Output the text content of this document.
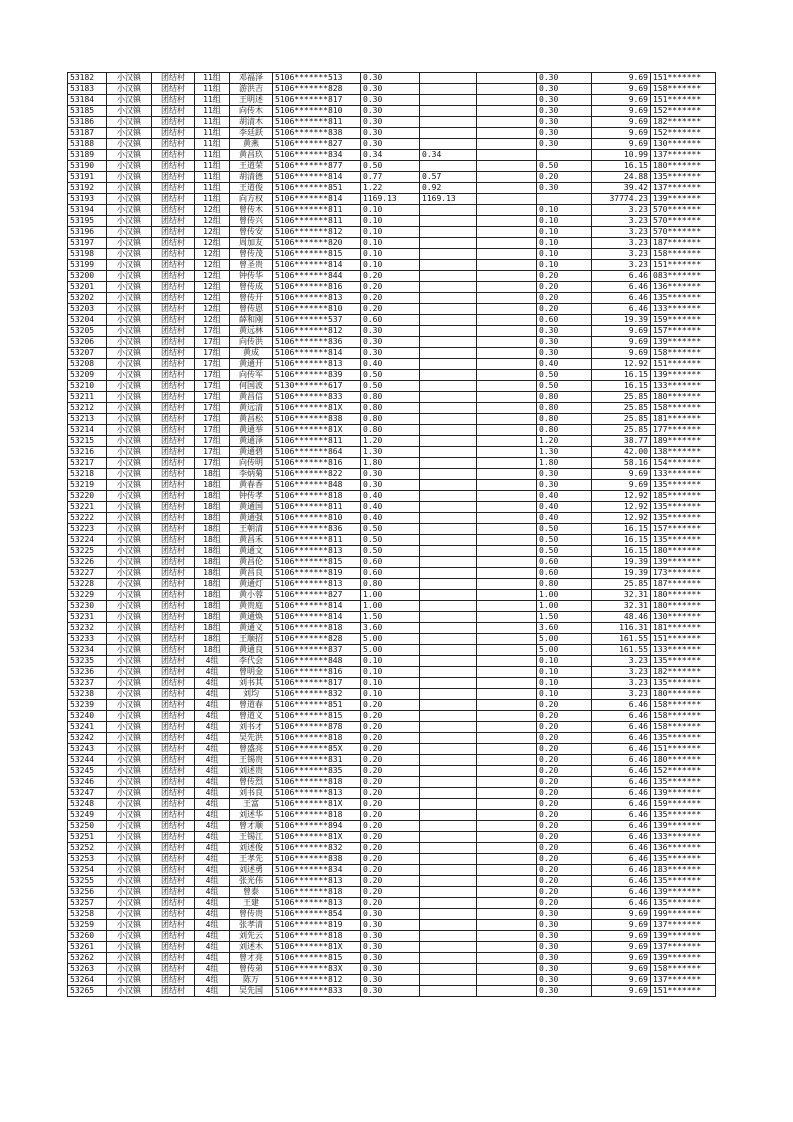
53182	小汉镇	团结村	11组	邓福泽	5106*******513	0.30			0.30	9.69	151*******
53183	小汉镇	团结村	11组	游洪吉	5106*******828	0.30			0.30	9.69	158*******
53184	小汉镇	团结村	11组	王明述	5106*******817	0.30			0.30	9.69	151*******
53185	小汉镇	团结村	11组	向传木	5106*******810	0.30			0.30	9.69	152*******
53186	小汉镇	团结村	11组	胡清木	5106*******811	0.30			0.30	9.69	182*******
53187	小汉镇	团结村	11组	李廷跃	5106*******838	0.30			0.30	9.69	152*******
53188	小汉镇	团结村	11组	黄燕	5106*******827	0.30			0.30	9.69	130*******
53189	小汉镇	团结村	11组	黄昌玖	5106*******834	0.34	0.34			10.99	137*******
53190	小汉镇	团结村	11组	王道荣	5106*******877	0.50			0.50	16.15	180*******
53191	小汉镇	团结村	11组	胡清德	5106*******814	0.77	0.57		0.20	24.88	135*******
53192	小汉镇	团结村	11组	王道俊	5106*******851	1.22	0.92		0.30	39.42	137*******
53193	小汉镇	团结村	11组	向方权	5106*******814	1169.13	1169.13			37774.23	139*******
53194	小汉镇	团结村	12组	曾传木	5106*******811	0.10			0.10	3.23	570*******
53195	小汉镇	团结村	12组	曾传兴	5106*******811	0.10			0.10	3.23	570*******
53196	小汉镇	团结村	12组	曾传安	5106*******812	0.10			0.10	3.23	570*******
53197	小汉镇	团结村	12组	周加友	5106*******820	0.10			0.10	3.23	187*******
53198	小汉镇	团结村	12组	曾传茂	5106*******815	0.10			0.10	3.23	158*******
53199	小汉镇	团结村	12组	曾圣贵	5106*******814	0.10			0.10	3.23	151*******
53200	小汉镇	团结村	12组	钟传华	5106*******844	0.20			0.20	6.46	083*******
53201	小汉镇	团结村	12组	曾传成	5106*******816	0.20			0.20	6.46	136*******
53202	小汉镇	团结村	12组	曾传开	5106*******813	0.20			0.20	6.46	135*******
53203	小汉镇	团结村	12组	曾传恩	5106*******810	0.20			0.20	6.46	133*******
53204	小汉镇	团结村	12组	薛和刚	5106*******537	0.60			0.60	19.39	159*******
53205	小汉镇	团结村	17组	黄远林	5106*******812	0.30			0.30	9.69	157*******
53206	小汉镇	团结村	17组	向传洪	5106*******836	0.30			0.30	9.69	139*******
53207	小汉镇	团结村	17组	黄成	5106*******814	0.30			0.30	9.69	158*******
53208	小汉镇	团结村	17组	黄通开	5106*******813	0.40			0.40	12.92	151*******
53209	小汉镇	团结村	17组	向传军	5106*******839	0.50			0.50	16.15	139*******
53210	小汉镇	团结村	17组	何国波	5130*******617	0.50			0.50	16.15	133*******
53211	小汉镇	团结村	17组	黄昌信	5106*******833	0.80			0.80	25.85	180*******
53212	小汉镇	团结村	17组	黄远清	5106*******81X	0.80			0.80	25.85	158*******
53213	小汉镇	团结村	17组	黄昌松	5106*******838	0.80			0.80	25.85	181*******
53214	小汉镇	团结村	17组	黄通举	5106*******81X	0.80			0.80	25.85	177*******
53215	小汉镇	团结村	17组	黄通泽	5106*******811	1.20			1.20	38.77	189*******
53216	小汉镇	团结村	17组	黄通碧	5106*******864	1.30			1.30	42.00	138*******
53217	小汉镇	团结村	17组	向传明	5106*******816	1.80			1.80	58.16	154*******
53218	小汉镇	团结村	18组	李炳菊	5106*******822	0.30			0.30	9.69	133*******
53219	小汉镇	团结村	18组	黄春香	5106*******848	0.30			0.30	9.69	135*******
53220	小汉镇	团结村	18组	钟传孝	5106*******818	0.40			0.40	12.92	185*******
53221	小汉镇	团结村	18组	黄通国	5106*******811	0.40			0.40	12.92	135*******
53222	小汉镇	团结村	18组	黄通强	5106*******810	0.40			0.40	12.92	135*******
53223	小汉镇	团结村	18组	王朝清	5106*******836	0.50			0.50	16.15	157*******
53224	小汉镇	团结村	18组	黄昌禾	5106*******811	0.50			0.50	16.15	135*******
53225	小汉镇	团结村	18组	黄通文	5106*******813	0.50			0.50	16.15	180*******
53226	小汉镇	团结村	18组	黄昌伦	5106*******815	0.60			0.60	19.39	139*******
53227	小汉镇	团结村	18组	黄昌良	5106*******819	0.60			0.60	19.39	173*******
53228	小汉镇	团结村	18组	黄通灯	5106*******813	0.80			0.80	25.85	187*******
53229	小汉镇	团结村	18组	黄小蓉	5106*******827	1.00			1.00	32.31	180*******
53230	小汉镇	团结村	18组	黄贵庭	5106*******814	1.00			1.00	32.31	180*******
53231	小汉镇	团结村	18组	黄通焕	5106*******814	1.50			1.50	48.46	130*******
53232	小汉镇	团结村	18组	黄通义	5106*******818	3.60			3.60	116.31	181*******
53233	小汉镇	团结村	18组	王顺招	5106*******828	5.00			5.00	161.55	151*******
53234	小汉镇	团结村	18组	黄通良	5106*******837	5.00			5.00	161.55	133*******
53235	小汉镇	团结村	4组	李代会	5106*******848	0.10			0.10	3.23	135*******
53236	小汉镇	团结村	4组	曾明金	5106*******816	0.10			0.10	3.23	182*******
53237	小汉镇	团结村	4组	刘书其	5106*******817	0.10			0.10	3.23	135*******
53238	小汉镇	团结村	4组	刘均	5106*******832	0.10			0.10	3.23	180*******
53239	小汉镇	团结村	4组	曾道春	5106*******851	0.20			0.20	6.46	158*******
53240	小汉镇	团结村	4组	曾道义	5106*******815	0.20			0.20	6.46	158*******
53241	小汉镇	团结村	4组	刘书才	5106*******878	0.20			0.20	6.46	158*******
53242	小汉镇	团结村	4组	吴先洪	5106*******818	0.20			0.20	6.46	135*******
53243	小汉镇	团结村	4组	曾盛亮	5106*******85X	0.20			0.20	6.46	151*******
53244	小汉镇	团结村	4组	王锡贵	5106*******831	0.20			0.20	6.46	180*******
53245	小汉镇	团结村	4组	刘述贵	5106*******835	0.20			0.20	6.46	152*******
53246	小汉镇	团结村	4组	曾传烈	5106*******818	0.20			0.20	6.46	135*******
53247	小汉镇	团结村	4组	刘书良	5106*******813	0.20			0.20	6.46	139*******
53248	小汉镇	团结村	4组	王富	5106*******81X	0.20			0.20	6.46	159*******
53249	小汉镇	团结村	4组	刘述华	5106*******818	0.20			0.20	6.46	135*******
53250	小汉镇	团结村	4组	曾才顺	5106*******894	0.20			0.20	6.46	139*******
53251	小汉镇	团结村	4组	王锡江	5106*******81X	0.20			0.20	6.46	133*******
53252	小汉镇	团结村	4组	刘述俊	5106*******832	0.20			0.20	6.46	136*******
53253	小汉镇	团结村	4组	王孝先	5106*******838	0.20			0.20	6.46	135*******
53254	小汉镇	团结村	4组	刘述勇	5106*******834	0.20			0.20	6.46	183*******
53255	小汉镇	团结村	4组	张光伟	5106*******813	0.20			0.20	6.46	135*******
53256	小汉镇	团结村	4组	曾泰	5106*******818	0.20			0.20	6.46	139*******
53257	小汉镇	团结村	4组	王建	5106*******813	0.20			0.20	6.46	135*******
53258	小汉镇	团结村	4组	曾传贵	5106*******854	0.30			0.30	9.69	199*******
53259	小汉镇	团结村	4组	张孝清	5106*******819	0.30			0.30	9.69	137*******
53260	小汉镇	团结村	4组	刘先云	5106*******818	0.30			0.30	9.69	139*******
53261	小汉镇	团结村	4组	刘述木	5106*******81X	0.30			0.30	9.69	137*******
53262	小汉镇	团结村	4组	曾才亮	5106*******815	0.30			0.30	9.69	139*******
53263	小汉镇	团结村	4组	曾传弟	5106*******83X	0.30			0.30	9.69	158*******
53264	小汉镇	团结村	4组	陈万	5106*******812	0.30			0.30	9.69	137*******
53265	小汉镇	团结村	4组	吴先国	5106*******833	0.30			0.30	9.69	151*******
